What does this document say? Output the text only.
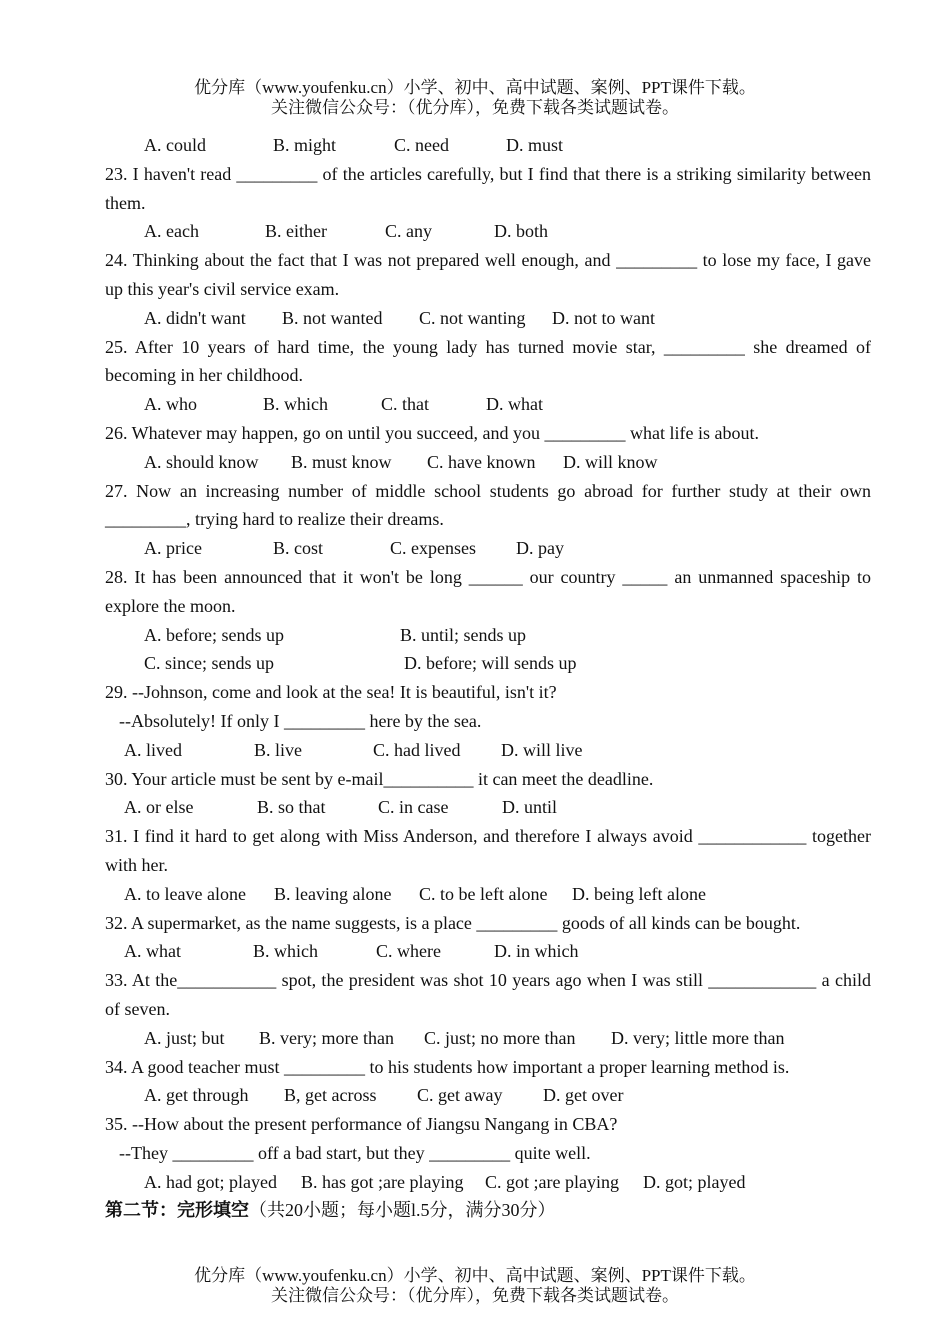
优分库（www.youfenku.cn）小学、初中、高中试题、案例、PPT课件下载。
关注微信公众号：（优分库），免费下载各类试题试卷。
A. could	B. might	C. need	D. must
23. I haven't read _________ of the articles carefully, but I find that there is a striking similarity between them.
A. each	B. either	C. any	D. both
24. Thinking about the fact that I was not prepared well enough, and _________ to lose my face, I gave up this year's civil service exam.
A. didn't want	B. not wanted	C. not wanting	D. not to want
25. After 10 years of hard time, the young lady has turned movie star, _________ she dreamed of becoming in her childhood.
A. who	B. which	C. that	D. what
26. Whatever may happen, go on until you succeed, and you _________ what life is about.
A. should know	B. must know	C. have known	D. will know
27. Now an increasing number of middle school students go abroad for further study at their own _________, trying hard to realize their dreams.
A. price	B. cost	C. expenses	D. pay
28. It has been announced that it won't be long ______ our country _____ an unmanned spaceship to explore the moon.
A. before; sends up	B. until; sends up
C. since; sends up	D. before; will sends up
29. --Johnson, come and look at the sea! It is beautiful, isn't it?
--Absolutely! If only I _________ here by the sea.
A. lived	B. live	C. had lived	D. will live
30. Your article must be sent by e-mail__________ it can meet the deadline.
A. or else	B. so that	C. in case	D. until
31. I find it hard to get along with Miss Anderson, and therefore I always avoid ____________ together with her.
A. to leave alone	B. leaving alone	C. to be left alone	D. being left alone
32. A supermarket, as the name suggests, is a place _________ goods of all kinds can be bought.
A. what	B. which	C. where	D. in which
33. At the___________ spot, the president was shot 10 years ago when I was still ____________ a child of seven.
A. just; but	B. very; more than	C. just; no more than	D. very; little more than
34. A good teacher must _________ to his students how important a proper learning method is.
A. get through	B, get across	C. get away	D. get over
35. --How about the present performance of Jiangsu Nangang in CBA?
--They _________ off a bad start, but they _________ quite well.
A. had got; played	B. has got ;are playing	C. got ;are playing	D. got; played
第二节：完形填空（共20小题；每小题l.5分，满分30分）
优分库（www.youfenku.cn）小学、初中、高中试题、案例、PPT课件下载。
关注微信公众号：（优分库），免费下载各类试题试卷。
